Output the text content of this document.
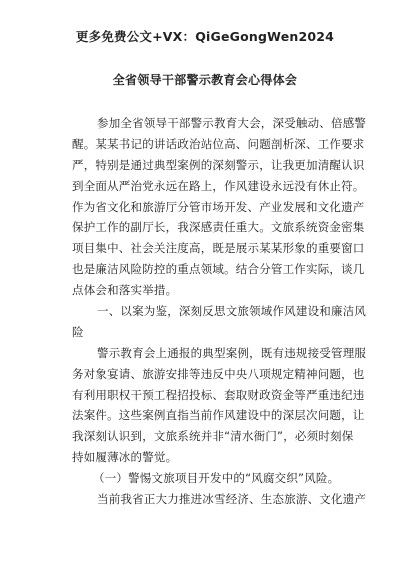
更多免费公文+VX：QiGeGongWen2024
全省领导干部警示教育会心得体会
参加全省领导干部警示教育大会，深受触动、倍感警
醒。某某书记的讲话政治站位高、问题剖析深、工作要求
严，特别是通过典型案例的深刻警示，让我更加清醒认识
到全面从严治党永远在路上，作风建设永远没有休止符。
作为省文化和旅游厅分管市场开发、产业发展和文化遗产
保护工作的副厅长，我深感责任重大。文旅系统资金密集
项目集中、社会关注度高，既是展示某某形象的重要窗口
也是廉洁风险防控的重点领域。结合分管工作实际，谈几
点体会和落实举措。
一、以案为鉴，深刻反思文旅领域作风建设和廉洁风
险
警示教育会上通报的典型案例，既有违规接受管理服
务对象宴请、旅游安排等违反中央八项规定精神问题，也
有利用职权干预工程招投标、套取财政资金等严重违纪违
法案件。这些案例直指当前作风建设中的深层次问题，让
我深刻认识到，文旅系统并非“清水衙门”，必须时刻保
持如履薄冰的警觉。
（一）警惕文旅项目开发中的“风腐交织”风险。
当前我省正大力推进冰雪经济、生态旅游、文化遗产
